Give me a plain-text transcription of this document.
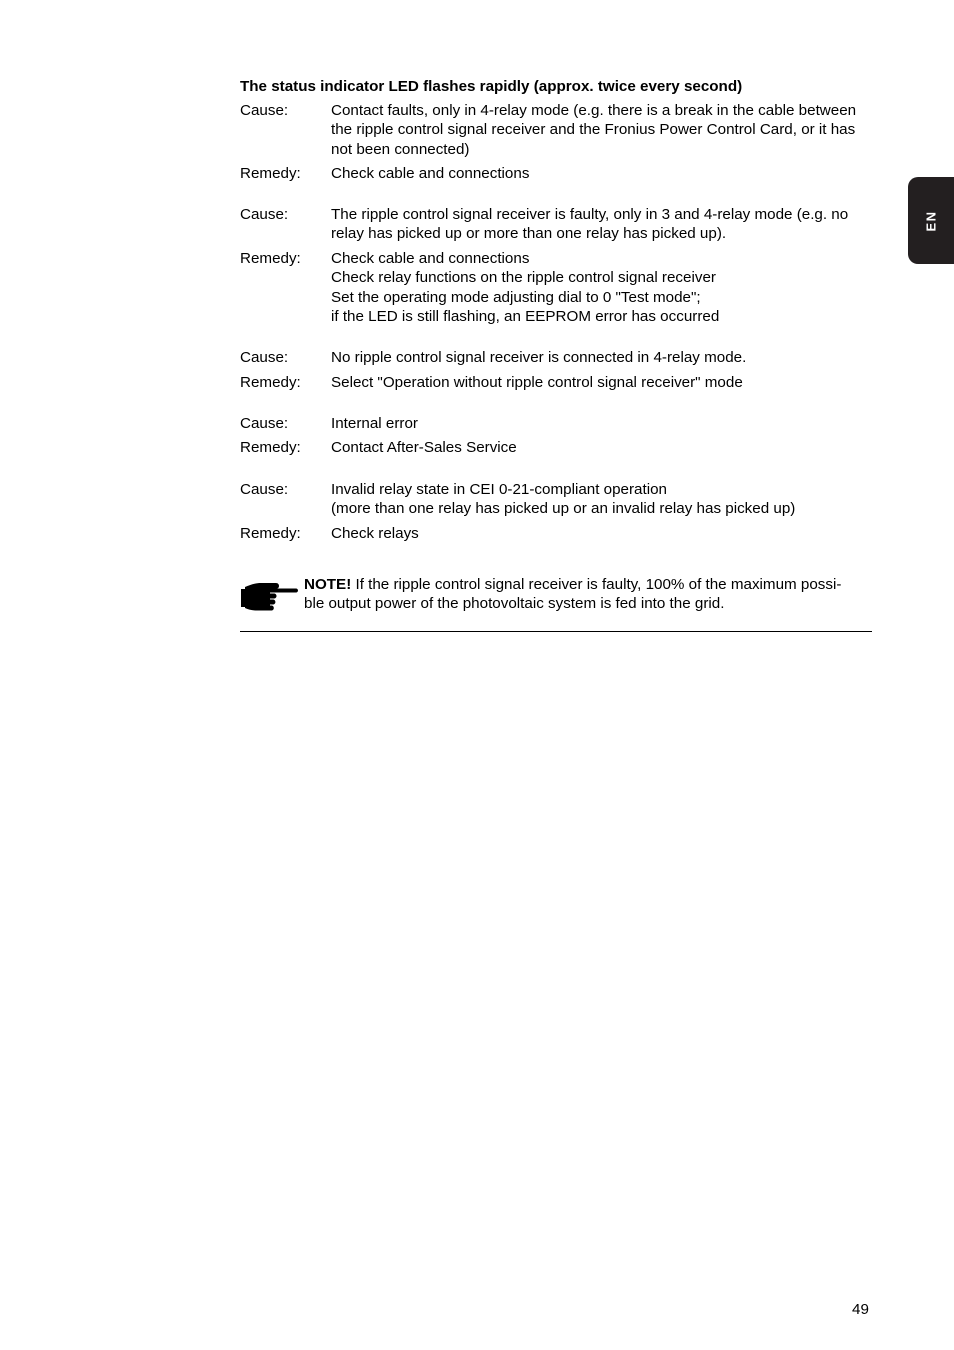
The status indicator LED flashes rapidly (approx. twice every second)
Cause:	Contact faults, only in 4-relay mode (e.g. there is a break in the cable between
the ripple control signal receiver and the Fronius Power Control Card, or it has
not been connected)
Remedy: Check cable and connections
Cause:	The ripple control signal receiver is faulty, only in 3 and 4-relay mode (e.g. no
relay has picked up or more than one relay has picked up).
Remedy: Check cable and connections
Check relay functions on the ripple control signal receiver
Set the operating mode adjusting dial to 0 "Test mode";
if the LED is still flashing, an EEPROM error has occurred
Cause:	No ripple control signal receiver is connected in 4-relay mode.
Remedy: Select "Operation without ripple control signal receiver" mode
Cause:	Internal error
Remedy: Contact After-Sales Service
Cause:	Invalid relay state in CEI 0-21-compliant operation
(more than one relay has picked up or an invalid relay has picked up)
Remedy: Check relays
NOTE! If the ripple control signal receiver is faulty, 100% of the maximum possi-
ble output power of the photovoltaic system is fed into the grid.
EN
49
